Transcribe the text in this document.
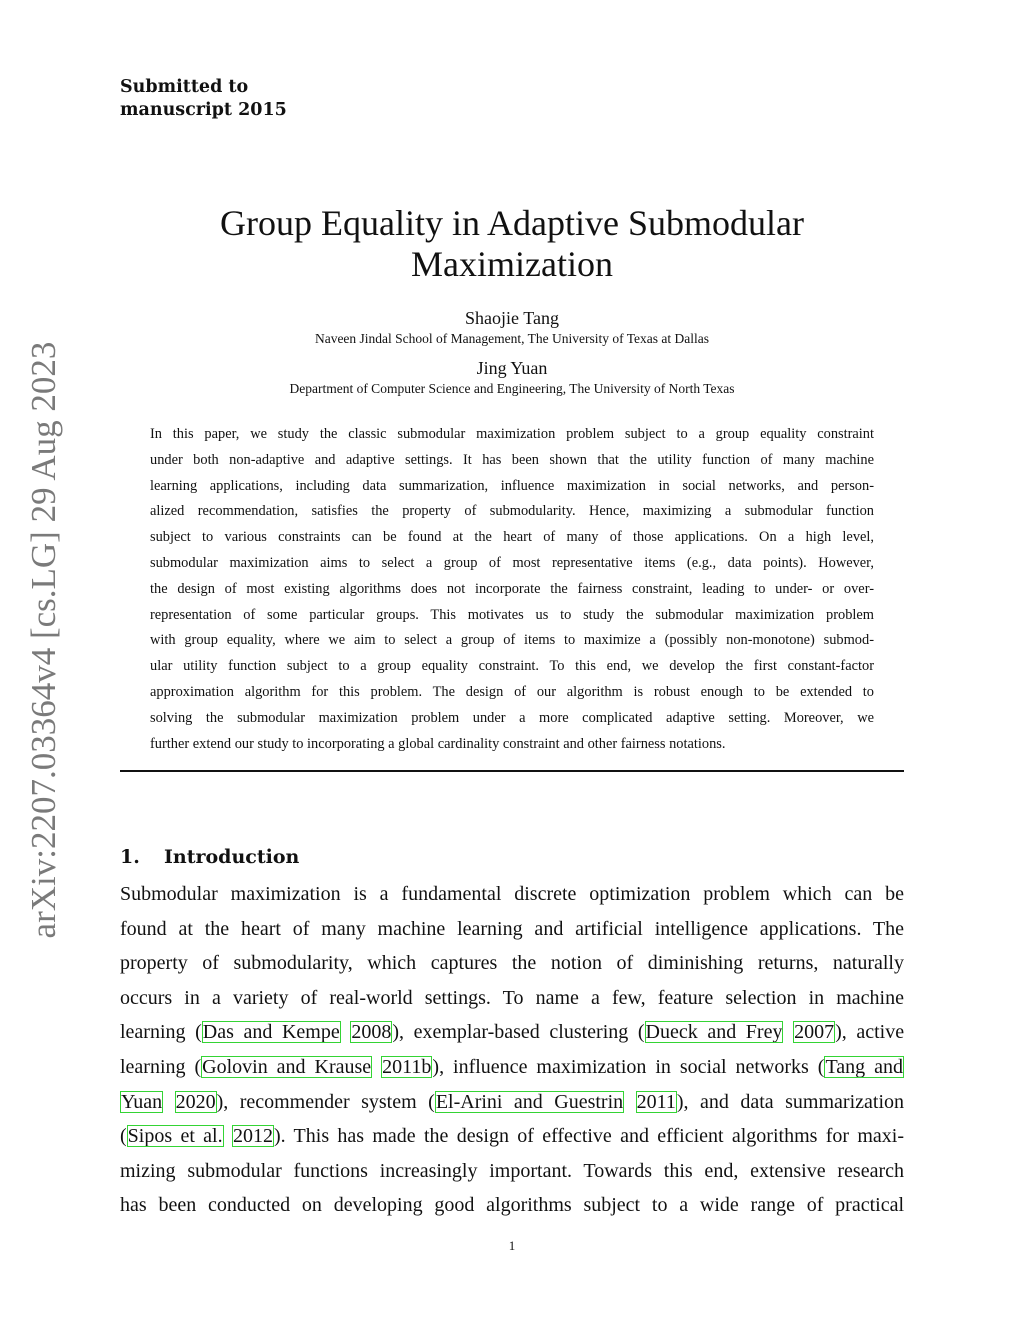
Submitted to
manuscript 2015
arXiv:2207.03364v4 [cs.LG] 29 Aug 2023
Group Equality in Adaptive Submodular
Maximization
Shaojie Tang
Naveen Jindal School of Management, The University of Texas at Dallas
Jing Yuan
Department of Computer Science and Engineering, The University of North Texas
In this paper, we study the classic submodular maximization problem subject to a group equality constraint
under both non-adaptive and adaptive settings. It has been shown that the utility function of many machine
learning applications, including data summarization, influence maximization in social networks, and person-
alized recommendation, satisfies the property of submodularity. Hence, maximizing a submodular function
subject to various constraints can be found at the heart of many of those applications. On a high level,
submodular maximization aims to select a group of most representative items (e.g., data points). However,
the design of most existing algorithms does not incorporate the fairness constraint, leading to under- or over-
representation of some particular groups. This motivates us to study the submodular maximization problem
with group equality, where we aim to select a group of items to maximize a (possibly non-monotone) submod-
ular utility function subject to a group equality constraint. To this end, we develop the first constant-factor
approximation algorithm for this problem. The design of our algorithm is robust enough to be extended to
solving the submodular maximization problem under a more complicated adaptive setting. Moreover, we
further extend our study to incorporating a global cardinality constraint and other fairness notations.
1. Introduction
Submodular maximization is a fundamental discrete optimization problem which can be
found at the heart of many machine learning and artificial intelligence applications. The
property of submodularity, which captures the notion of diminishing returns, naturally
occurs in a variety of real-world settings. To name a few, feature selection in machine
learning (Das and Kempe 2008), exemplar-based clustering (Dueck and Frey 2007), active
learning (Golovin and Krause 2011b), influence maximization in social networks (Tang and
Yuan 2020), recommender system (El-Arini and Guestrin 2011), and data summarization
(Sipos et al. 2012). This has made the design of effective and efficient algorithms for maxi-
mizing submodular functions increasingly important. Towards this end, extensive research
has been conducted on developing good algorithms subject to a wide range of practical
1
